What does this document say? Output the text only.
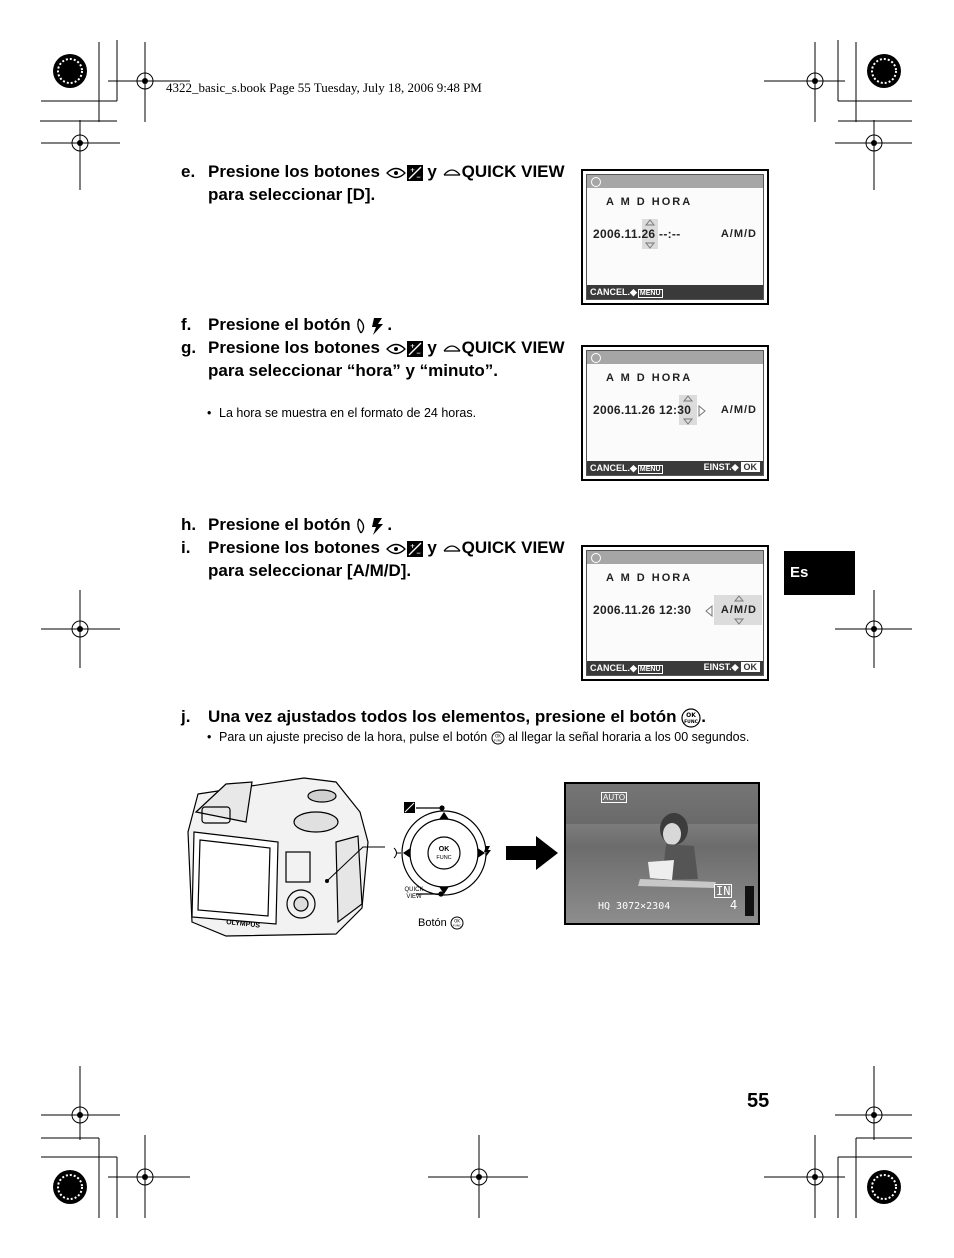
4322_basic_s.book Page 55 Tuesday, July 18, 2006 9:48 PM
e. Presione los botones	+
− y QUICK VIEW para seleccionar [D].	A M D HORA
2006.11.26 --:--	A/M/D
CANCEL.◆ MENU
f. Presione el botón .
g. Presione los botones	+
− y QUICK VIEW para seleccionar “hora” y “minuto”.
• La hora se muestra en el formato de 24 horas.
A M D HORA
2006.11.26 12:30	A/M/D
CANCEL.◆ MENU	EINST.◆ OK
h. Presione el botón .
i. Presione los botones	+
− y QUICK VIEW para seleccionar [A/M/D].	A M D HORA
2006.11.26 12:30	A/M/D
CANCEL.◆ MENU	EINST.◆ OK
j. Una vez ajustados todos los elementos, presione el botón OK
FUNC .
• Para un ajuste preciso de la hora, pulse el botón OK
FUNC al llegar la señal horaria a los 00 segundos.
OLYMPUS
OK
FUNC
QUICK
VIEW
Botón OK
FUNC
AUTO
IN
4
HQ 3072×2304
Es
55
